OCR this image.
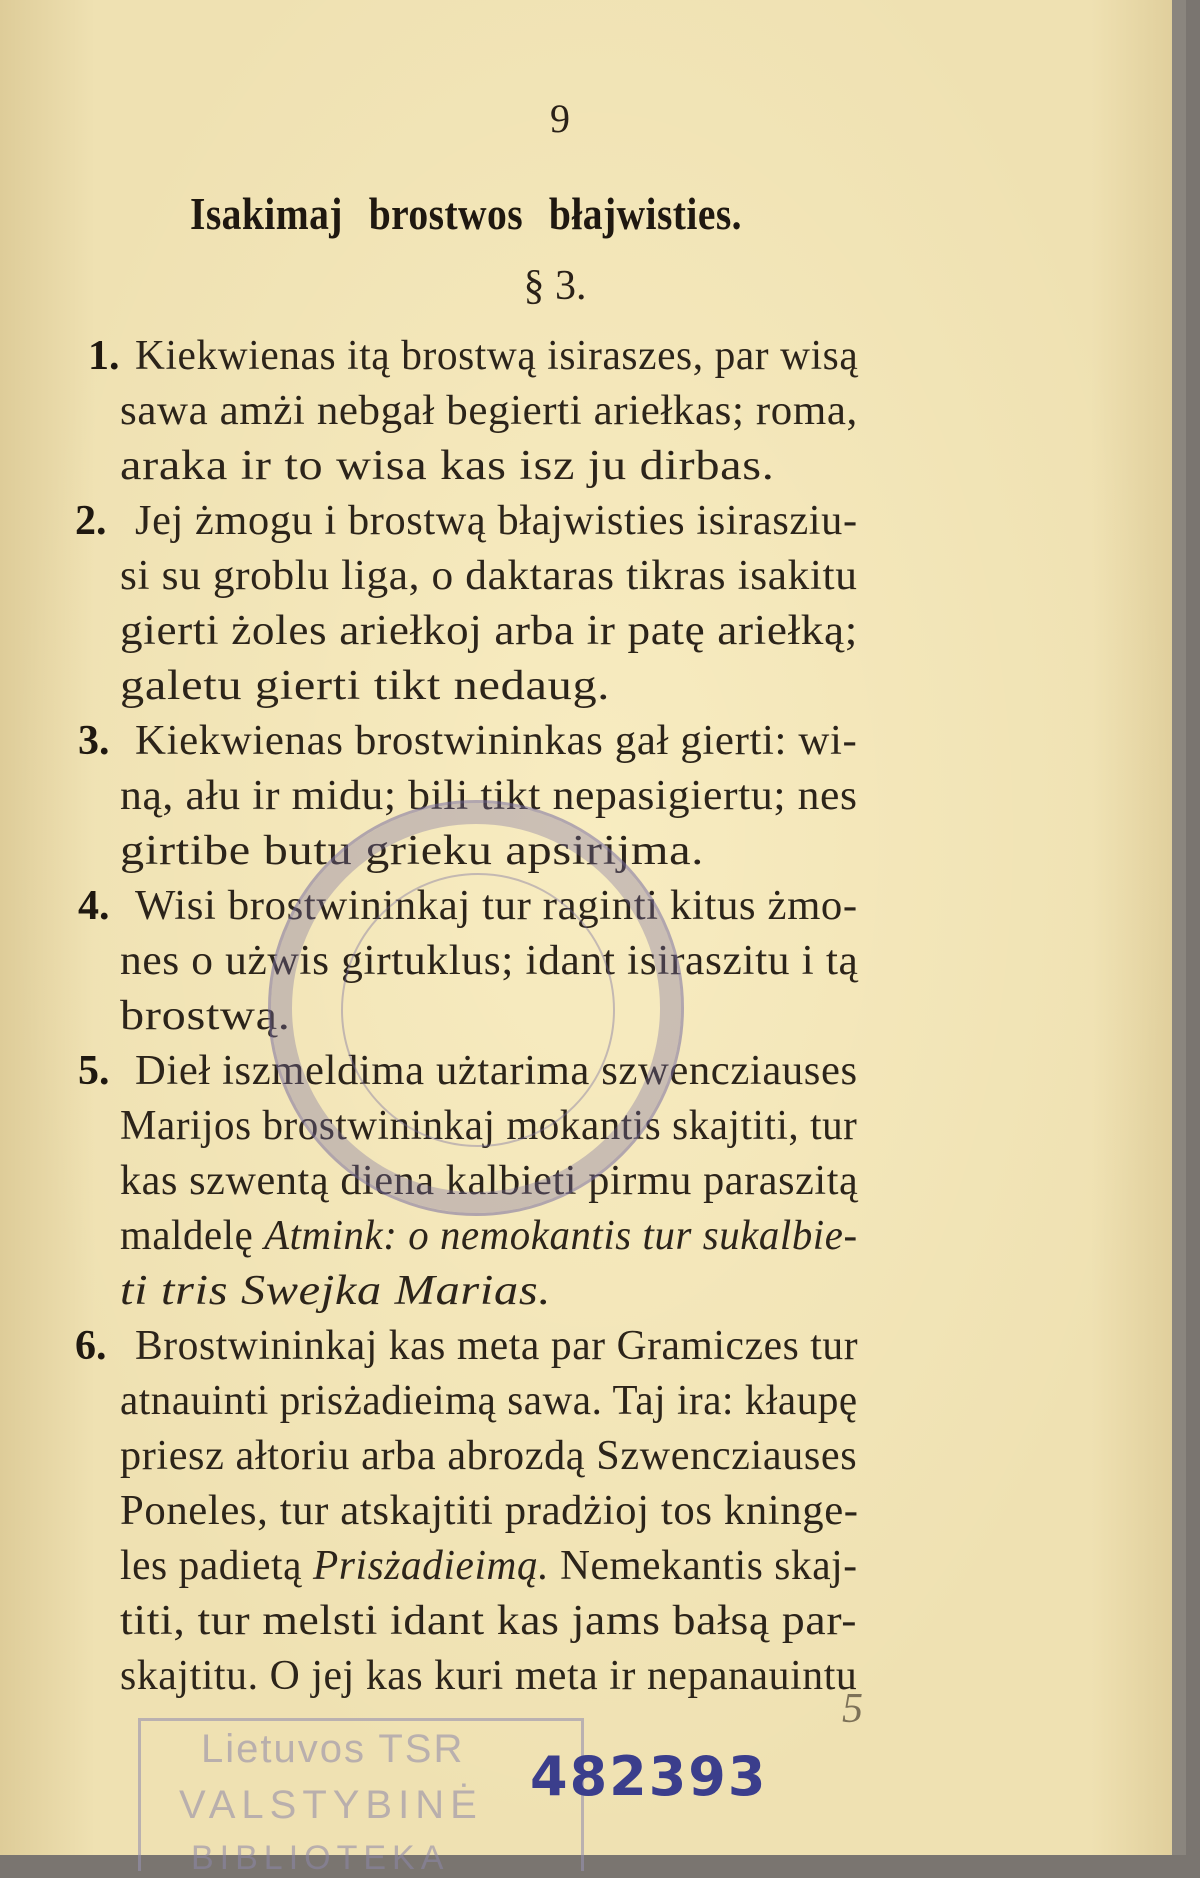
9
Isakimaj brostwos błajwisties.
§ 3.
1. Kiekwienas itą brostwą isiraszes, par wisą
sawa amżi nebgał begierti ariełkas; roma,
araka ir to wisa kas isz ju dirbas.
2. Jej żmogu i brostwą błajwisties isirasziu-
si su groblu liga, o daktaras tikras isakitu
gierti żoles ariełkoj arba ir patę ariełką;
galetu gierti tikt nedaug.
3. Kiekwienas brostwininkas gał gierti: wi-
ną, ału ir midu; bili tikt nepasigiertu; nes
girtibe butu grieku apsirijma.
4. Wisi brostwininkaj tur raginti kitus żmo-
nes o użwis girtuklus; idant isiraszitu i tą
brostwą.
5. Dieł iszmeldima użtarima szwencziauses
Marijos brostwininkaj mokantis skajtiti, tur
kas szwentą diena kalbieti pirmu paraszitą
maldelę Atmink: o nemokantis tur sukalbie-
ti tris Swejka Marias.
6. Brostwininkaj kas meta par Gramiczes tur
atnauinti prisżadieimą sawa. Taj ira: kłaupę
priesz ałtoriu arba abrozdą Szwencziauses
Poneles, tur atskajtiti pradżioj tos kninge-
les padietą Prisżadieimą. Nemekantis skaj-
titi, tur melsti idant kas jams bałsą par-
skajtitu. O jej kas kuri meta ir nepanauintu
5
Lietuvos TSR
VALSTYBINĖ
BIBLIOTEKA
482393
